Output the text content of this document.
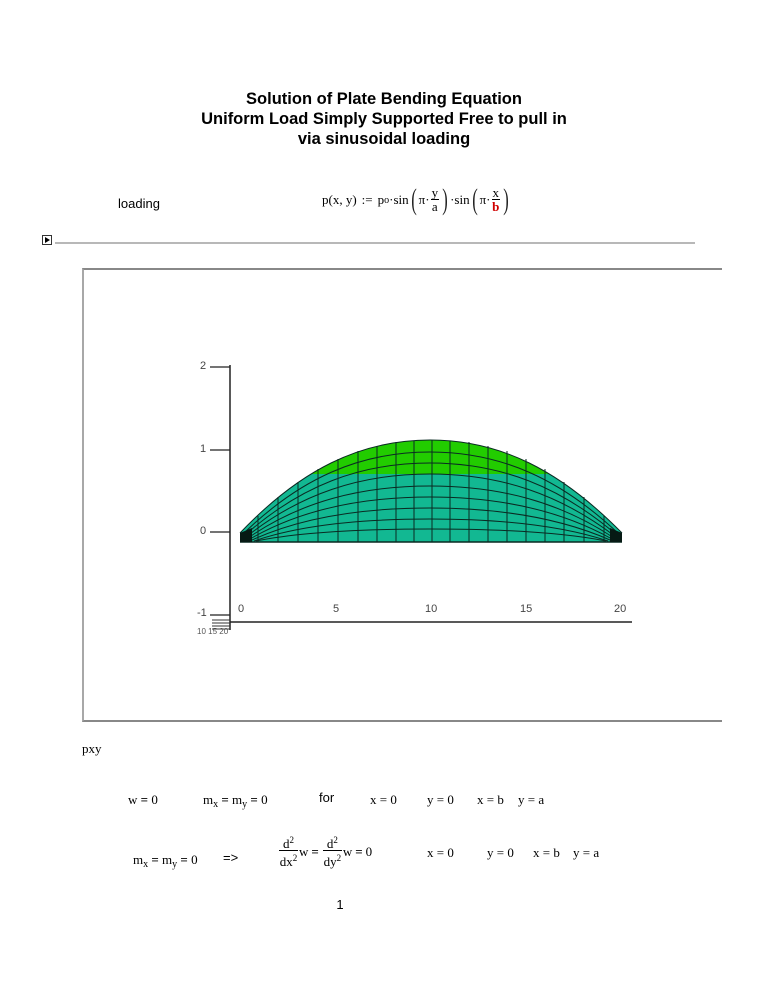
Solution of Plate Bending Equation
Uniform Load Simply Supported Free to pull in
via sinusoidal loading
loading	p(x, y) := p o · sin ( $\pi \cdot \frac{y}{a}$ ) · sin ( $\pi \cdot \frac{x}{b}$ )
10 15 20
2
1
0
-1	0	5	10	15	20
pxy
w = 0	$m_x = m_y = 0$	for	x = 0 y = 0 x = b y = a
$m_x = m_y = 0$ =>	$\frac{d^2}{dx^2}$ $w = \frac{d^2}{dy^2}$ w = 0	x = 0	y = 0 x = b y = a
1
